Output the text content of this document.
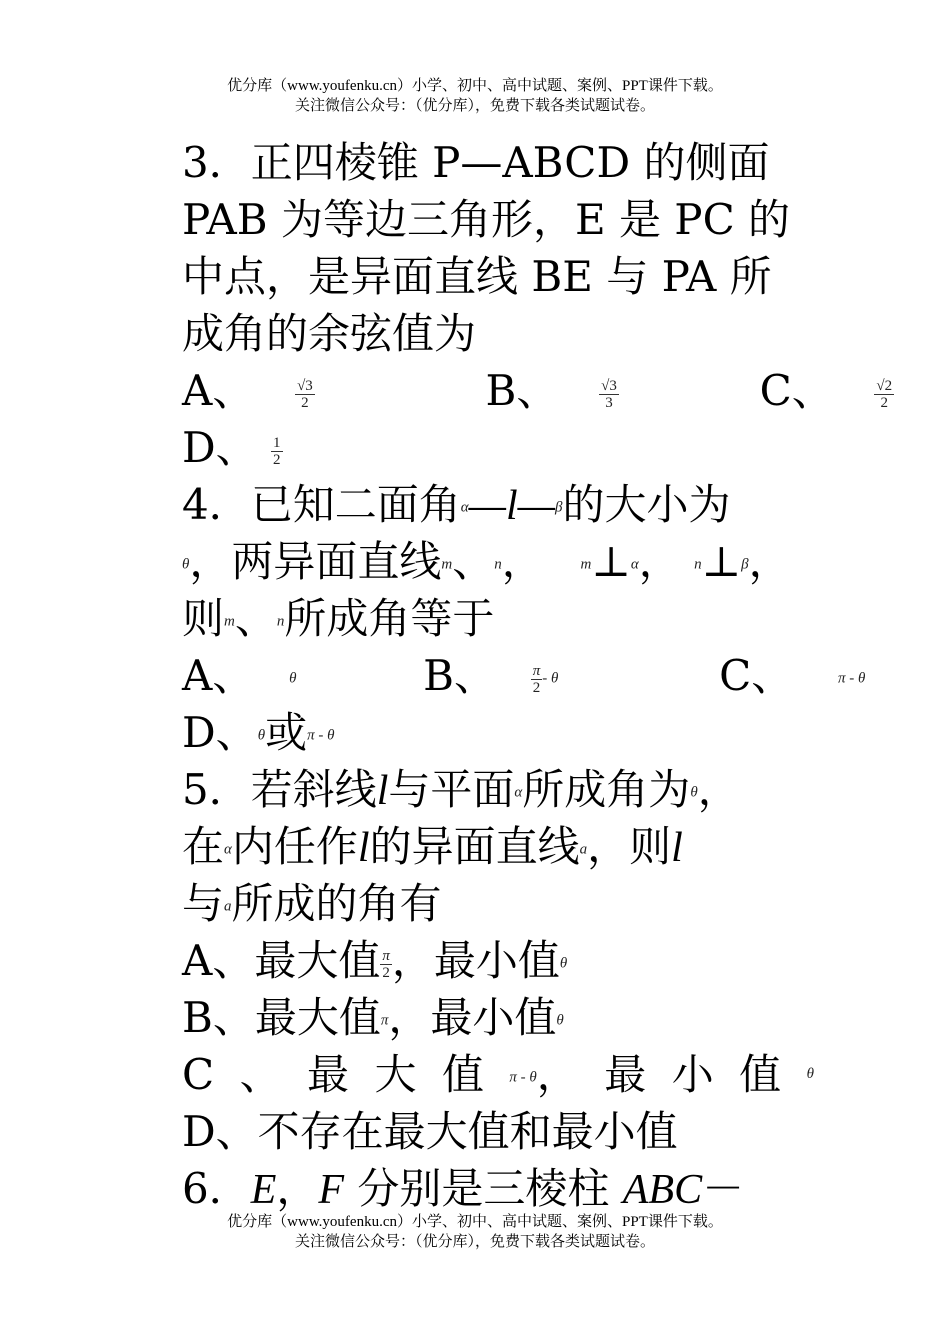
优分库（www.youfenku.cn）小学、初中、高中试题、案例、PPT课件下载。
关注微信公众号：（优分库），免费下载各类试题试卷。
3．正四棱锥 P—ABCD 的侧面
PAB 为等边三角形，E 是 PC 的
中点，是异面直线 BE 与 PA 所
成角的余弦值为
A、	$\frac{√3}{2}$	B、	$\frac{√3}{3}$	C、	$\frac{√2}{2}$
D、 $\frac{1}{2}$
4．已知二面角α—l—β的大小为
θ，两异面直线m、n， m⊥α， n⊥β，
则m、n所成角等于
A、 θ	B、 $\frac{\pi}{2}$ - θ	C、	π - θ
D、θ或π - θ
5．若斜线l与平面α所成角为θ，
在α内任作l的异面直线a，则l
与a所成的角有
A、最大值 $\frac{\pi}{2}$ ，最小值θ
B、最大值π，最小值θ
C 、 最 大 值 π - θ， 最 小 值 θ
D、不存在最大值和最小值
6．E，F 分别是三棱柱 ABC－
优分库（www.youfenku.cn）小学、初中、高中试题、案例、PPT课件下载。
关注微信公众号：（优分库），免费下载各类试题试卷。
